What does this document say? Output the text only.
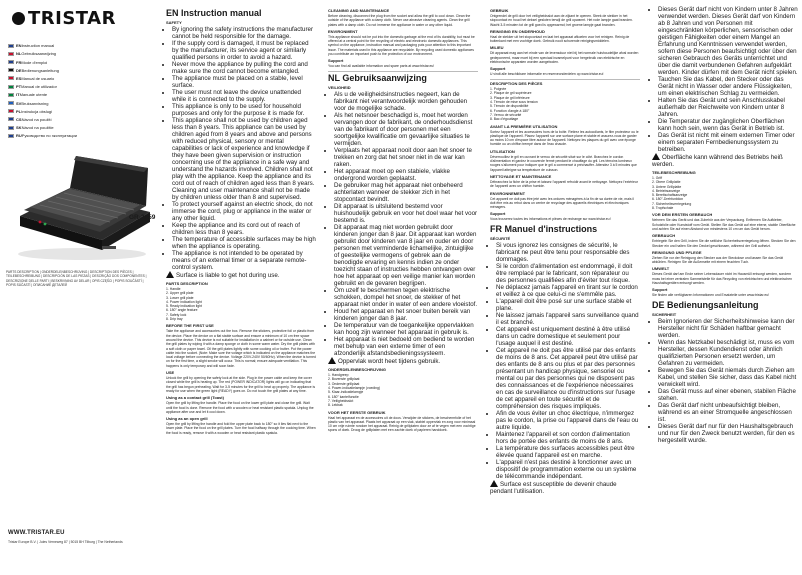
TRISTAR
EN Instruction manual
NL Gebruiksaanwijzing
FR Mode d'emploi
DE Bedienungsanleitung
ES Manual de usuario
PT Manual de utilizador
IT Manuale utente
SV Bruksanvisning
PL Instrukcja obslugi
CS Návod na použití
SK Návod na použitie
RU Руководство по эксплуатации
GR-2859
PARTS DESCRIPTION | ONDERDELENBESCHRIJVING | DESCRIPTION DES PIÈCES | TEILEBESCHREIBUNG | DESCRIPCIÓN DE LAS PIEZAS | DESCRIÇÃO DOS COMPONENTES | DESCRIZIONE DELLE PARTI | BESKRIVNING AV DELAR | OPIS CZĘŚCI | POPIS SOUČÁSTÍ | POPIS SÚČASTÍ | ОПИСАНИЕ ДЕТАЛЕЙ
WWW.TRISTAR.EU
Tristar Europe B.V. | Jules Verneweg 87 | 5015 BH Tilburg | The Netherlands
EN Instruction manual
SAFETY
• By ignoring the safety instructions the manufacturer cannot be held responsible for the damage.
• If the supply cord is damaged, it must be replaced by the manufacturer, its service agent or similarly qualified persons in order to avoid a hazard.
• Never move the appliance by pulling the cord and make sure the cord cannot become entangled.
• The appliance must be placed on a stable, level surface.
• The user must not leave the device unattended while it is connected to the supply.
• This appliance is only to be used for household purposes and only for the purpose it is made for.
• This appliance shall not be used by children aged less than 8 years. This appliance can be used by children aged from 8 years and above and persons with reduced physical, sensory or mental capabilities or lack of experience and knowledge if they have been given supervision or instruction concerning use of the appliance in a safe way and understand the hazards involved. Children shall not play with the appliance. Keep the appliance and its cord out of reach of children aged less than 8 years. Cleaning and user maintenance shall not be made by children unless older than 8 and supervised.
• To protect yourself against an electric shock, do not immerse the cord, plug or appliance in the water or any other liquid.
• Keep the appliance and its cord out of reach of children less than 8 years.
• The temperature of accessible surfaces may be high when the appliance is operating.
• The appliance is not intended to be operated by means of an external timer or a separate remote-control system.
Surface is liable to get hot during use.
PARTS DESCRIPTION
1. Handle
2. Upper grill plate
3. Lower grill plate
4. Power indication light
5. Ready indication light
6. 180° angle feature
7. Safety lock
8. Drip tray
BEFORE THE FIRST USE

Take the appliance and accessories out the box. Remove the stickers, protective foil or plastic from the device. Place the device on a flat stable surface and ensure a minimum of 10 cm free space around the device. This device is not suitable for installation in a cabinet or for outside use. Clean the grill plates by wiping it with a damp sponge or cloth in some warm water. Dry the grill plates with a soft cloth or paper towel. Oil the grill plates lightly with some cooking oil or butter. Put the power cable into the socket. (Note: Make sure the voltage which is indicated on the appliance matches the local voltage before connecting the device. Voltage 220V-240V 50/60Hz). When the device is turned on for the first time, a slight smoke will occur. This is normal; ensure adequate ventilation. This happens is only temporary and will soon fade.

USE

Unlock the grill by opening the safety lock at the side. Plug in the power cable and keep the cover closed while the grill is heating up. The red (POWER INDICATOR) lights will go on indicating that the grill has begun preheating. Wait for 3-5 minutes for the grill to heat up properly. The appliance is ready for use when the green light (READY) goes on. Do not touch the grill plates at any time.

Using as a contact grill (Toast)

Open the grill by lifting the handle. Place the food on the lower grill plate and close the grill. Wait until the food is done. Remove the food with a wooden or heat resistant plastic spatula. Unplug the appliance after use and let it cool down.

Using as an open grill

Open the grill by lifting the handle and fold the upper plate back to 180° so it lies flat next to the lower plate. Place the food on the grill plates. Turn the food halfway through the cooking time. When the food is ready, remove it with a wooden or heat resistant plastic spatula.

CLEANING AND MAINTENANCE

Before cleaning, disconnect the plug from the socket and allow the grill to cool down. Clean the outside of the appliance with a damp cloth. Never use abrasive cleaning agents. Clean the grill plates with a damp cloth. Do not immerse the appliance in water or any other liquid.

ENVIRONMENT

This appliance should not be put into the domestic garbage at the end of its durability, but must be offered at a central point for the recycling of electric and electronic domestic appliances. This symbol on the appliance, instruction manual and packaging puts your attention to this important issue. The materials used in this appliance are recyclable. By recycling used domestic appliances you contribute an important push to the protection of our environment.

Support

You can find all available information and spare parts at www.tristar.eu!

NL Gebruiksaanwijzing
VEILIGHEID
• Als u de veiligheidsinstructies negeert, kan de fabrikant niet verantwoordelijk worden gehouden voor de mogelijke schade.
• Als het netsnoer beschadigd is, moet het worden vervangen door de fabrikant, de onderhoudsdienst van de fabrikant of door personen met een soortgelijke kwalificatie om gevaarlijke situaties te vermijden.
• Verplaats het apparaat nooit door aan het snoer te trekken en zorg dat het snoer niet in de war kan raken.
• Het apparaat moet op een stabiele, vlakke ondergrond worden geplaatst.
• De gebruiker mag het apparaat niet onbeheerd achterlaten wanneer de stekker zich in het stopcontact bevindt.
• Dit apparaat is uitsluitend bestemd voor huishoudelijk gebruik en voor het doel waar het voor bestemd is.
• Dit apparaat mag niet worden gebruikt door kinderen jonger dan 8 jaar. Dit apparaat kan worden gebruikt door kinderen van 8 jaar en ouder en door personen met verminderde lichamelijke, zintuiglijke of geestelijke vermogens of gebrek aan de benodigde ervaring en kennis indien ze onder toezicht staan of instructies hebben ontvangen over hoe het apparaat op een veilige manier kan worden gebruikt en de gevaren begrijpen.
• Om uzelf te beschermen tegen elektrische schokken, dompel het snoer, de stekker of het apparaat niet onder in water of een andere vloeistof.
• Houd het apparaat en het snoer buiten bereik van kinderen jonger dan 8 jaar.
• De temperatuur van de toegankelijke oppervlakken kan hoog zijn wanneer het apparaat in gebruik is.
• Het apparaat is niet bedoeld om bediend te worden met behulp van een externe timer of een afzonderlijk afstandsbedieningssysteem.
Oppervlak wordt heet tijdens gebruik.
ONDERDELENBESCHRIJVING
1. Handgreep
2. Bovenste grillplaat
3. Onderste grillplaat
4. Power-indicatielampje (voeding)
5. Klaar-indicatielampje
6. 180° kantelfunctie
7. Veiligheidsslot
8. Lekbak
VOOR HET EERSTE GEBRUIK

Haal het apparaat en de accessoires uit de doos. Verwijder de stickers, de beschermfolie of het plastic van het apparaat. Plaats het apparaat op een vlak, stabiel oppervlak en zorg voor minimaal 10 cm vrije ruimte rondom het apparaat. Reinig de grillplaten door ze af te vegen met een vochtige spons of doek. Droog de grillplaten met een zachte doek of papieren handdoek.

GEBRUIK

Ontgrendel de grill door het veiligheidsslot aan de zijkant te openen. Steek de stekker in het stopcontact en houd het deksel gesloten terwijl de grill opwarmt. Het rode lampje gaat branden. Wacht 3-5 minuten tot de grill goed is opgewarmd; het groene lampje gaat branden.

REINIGING EN ONDERHOUD

Haal de stekker uit het stopcontact en laat het apparaat afkoelen voor het reinigen. Reinig de buitenkant met een vochtige doek. Gebruik nooit schurende reinigingsmiddelen.

MILIEU

Dit apparaat mag aan het einde van de levensduur niet bij het normale huishoudelijke afval worden gedeponeerd, maar moet bij een speciaal inzamelpunt voor hergebruik van elektrische en elektronische apparaten worden aangeboden.

Support

U vindt alle beschikbare informatie en reserveonderdelen op www.tristar.eu!

DESCRIPTION DES PIÈCES
1. Poignée
2. Plaque de gril supérieure
3. Plaque de gril inférieure
4. Témoin de mise sous tension
5. Témoin de disponibilité
6. Fonction d'angle à 180°
7. Verrou de sécurité
8. Bac d'égouttage
AVANT LA PREMIÈRE UTILISATION

Sortez l'appareil et les accessoires hors de la boîte. Retirez les autocollants, le film protecteur ou le plastique de l'appareil. Placez l'appareil sur une surface plane et stable et assurez-vous de garder au moins 10 cm d'espace libre autour de l'appareil. Nettoyez les plaques du gril avec une éponge humide ou un chiffon trempé dans de l'eau chaude.

UTILISATION

Déverrouillez le gril en ouvrant le verrou de sécurité situé sur le côté. Branchez le cordon d'alimentation et gardez le couvercle fermé pendant le chauffage du gril. Les témoins lumineux rouges s'allument pour indiquer que le gril a commencé à préchauffer. Attendez 3 à 5 minutes que l'appareil atteigne sa température de cuisson.

NETTOYAGE ET MAINTENANCE

Débranchez la fiche de la prise et laissez l'appareil refroidir avant le nettoyage. Nettoyez l'extérieur de l'appareil avec un chiffon humide.

ENVIRONNEMENT

Cet appareil ne doit pas être jeté avec les ordures ménagères à la fin de sa durée de vie, mais il doit être mis au rebut dans un centre de recyclage des appareils électriques et électroniques ménagers.

Support

Vous trouverez toutes les informations et pièces de rechange sur www.tristar.eu !

FR Manuel d'instructions
SÉCURITÉ
• Si vous ignorez les consignes de sécurité, le fabricant ne peut être tenu pour responsable des dommages.
• Si le cordon d'alimentation est endommagé, il doit être remplacé par le fabricant, son réparateur ou des personnes qualifiées afin d'éviter tout risque.
• Ne déplacez jamais l'appareil en tirant sur le cordon et veillez à ce que celui-ci ne s'emmêle pas.
• L'appareil doit être posé sur une surface stable et plane.
• Ne laissez jamais l'appareil sans surveillance quand il est branché.
• Cet appareil est uniquement destiné à être utilisé dans un cadre domestique et seulement pour l'usage auquel il est destiné.
• Cet appareil ne doit pas être utilisé par des enfants de moins de 8 ans. Cet appareil peut être utilisé par des enfants de 8 ans ou plus et par des personnes présentant un handicap physique, sensoriel ou mental ou par des personnes qui ne disposent pas des connaissances et de l'expérience nécessaires en cas de surveillance ou d'instructions sur l'usage de cet appareil en toute sécurité et de compréhension des risques impliqués.
• Afin de vous éviter un choc électrique, n'immergez pas le cordon, la prise ou l'appareil dans de l'eau ou autre liquide.
• Maintenez l'appareil et son cordon d'alimentation hors de portée des enfants de moins de 8 ans.
• La température des surfaces accessibles peut être élevée quand l'appareil est en marche.
• L'appareil n'est pas destiné à fonctionner avec un dispositif de programmation externe ou un système de télécommande indépendant.
Surface est susceptible de devenir chaude pendant l'utilisation.
• Dieses Gerät darf nicht von Kindern unter 8 Jahren verwendet werden. Dieses Gerät darf von Kindern ab 8 Jahren und von Personen mit eingeschränkten körperlichen, sensorischen oder geistigen Fähigkeiten oder einem Mangel an Erfahrung und Kenntnissen verwendet werden, sofern diese Personen beaufsichtigt oder über den sicheren Gebrauch des Geräts unterrichtet und über die damit verbundenen Gefahren aufgeklärt werden. Kinder dürfen mit dem Gerät nicht spielen.
• Tauchen Sie das Kabel, den Stecker oder das Gerät nicht in Wasser oder andere Flüssigkeiten, um einen elektrischen Schlag zu vermeiden.
• Halten Sie das Gerät und sein Anschlusskabel außerhalb der Reichweite von Kindern unter 8 Jahren.
• Die Temperatur der zugänglichen Oberflächen kann hoch sein, wenn das Gerät in Betrieb ist.
• Das Gerät ist nicht mit einem externen Timer oder einem separaten Fernbedienungssystem zu betreiben.
Oberfläche kann während des Betriebs heiß werden.
TEILEBESCHREIBUNG
1. Griff
2. Obere Grillplatte
3. Untere Grillplatte
4. Betriebsanzeige
5. Bereitschaftsanzeige
6. 180°-Drehfunktion
7. Sicherheitsverriegelung
8. Tropfschale
VOR DEM ERSTEN GEBRAUCH

Nehmen Sie das Gerät und das Zubehör aus der Verpackung. Entfernen Sie Aufkleber, Schutzfolie oder Kunststoff vom Gerät. Stellen Sie das Gerät auf eine ebene, stabile Oberfläche und achten Sie auf einen Abstand von mindestens 10 cm um das Gerät herum.

GEBRAUCH

Entriegeln Sie den Grill, indem Sie die seitliche Sicherheitsverriegelung öffnen. Stecken Sie den Stecker ein und halten Sie den Deckel geschlossen, während der Grill aufheizt.

REINIGUNG UND PFLEGE

Ziehen Sie vor der Reinigung den Stecker aus der Steckdose und lassen Sie das Gerät abkühlen. Reinigen Sie die Außenseite mit einem feuchten Tuch.

UMWELT

Dieses Gerät darf am Ende seiner Lebensdauer nicht im Hausmüll entsorgt werden, sondern muss bei einer zentralen Sammelstelle für das Recycling von elektrischen und elektronischen Haushaltsgeräten entsorgt werden.

Support

Sie finden alle verfügbaren Informationen und Ersatzteile unter www.tristar.eu!

DE Bedienungsanleitung
SICHERHEIT
• Beim Ignorieren der Sicherheitshinweise kann der Hersteller nicht für Schäden haftbar gemacht werden.
• Wenn das Netzkabel beschädigt ist, muss es vom Hersteller, dessen Kundendienst oder ähnlich qualifizierten Personen ersetzt werden, um Gefahren zu vermeiden.
• Bewegen Sie das Gerät niemals durch Ziehen am Kabel, und stellen Sie sicher, dass das Kabel nicht verwickelt wird.
• Das Gerät muss auf einer ebenen, stabilen Fläche stehen.
• Das Gerät darf nicht unbeaufsichtigt bleiben, während es an einer Stromquelle angeschlossen ist.
• Dieses Gerät darf nur für den Haushaltsgebrauch und nur für den Zweck benutzt werden, für den es hergestellt wurde.
